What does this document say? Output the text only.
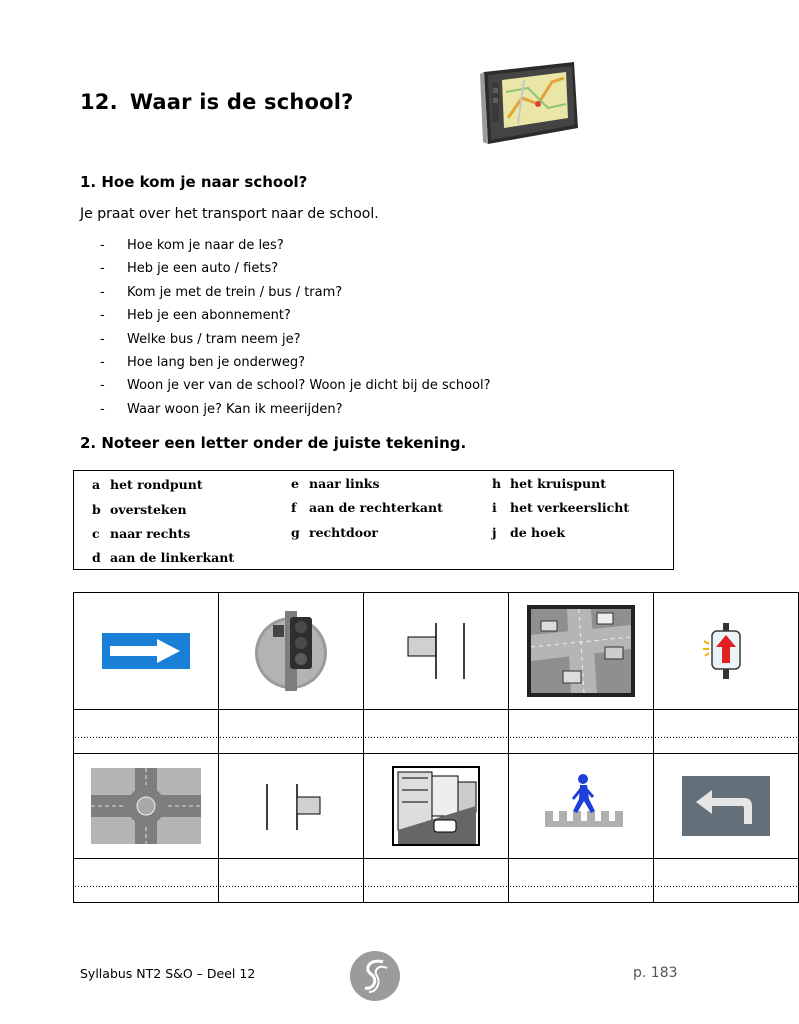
12. Waar is de school?
1. Hoe kom je naar school?
Je praat over het transport naar de school.
-	Hoe kom je naar de les?
-	Heb je een auto / fiets?
-	Kom je met de trein / bus / tram?
-	Heb je een abonnement?
-	Welke bus / tram neem je?
-	Hoe lang ben je onderweg?
-	Woon je ver van de school? Woon je dicht bij de school?
-	Waar woon je? Kan ik meerijden?
2. Noteer een letter onder de juiste tekening.
a het rondpunt
b oversteken
c naar rechts
d aan de linkerkant
e naar links
f	aan de rechterkant
g rechtdoor
h het kruispunt
i	het verkeerslicht
j	de hoek

…………………………………………	…………………………………………	…………………………………………	…………………………………………	…………………………………………

…………………………………………	…………………………………………	…………………………………………	…………………………………………	…………………………………………
Syllabus NT2 S&O – Deel 12	p. 183
